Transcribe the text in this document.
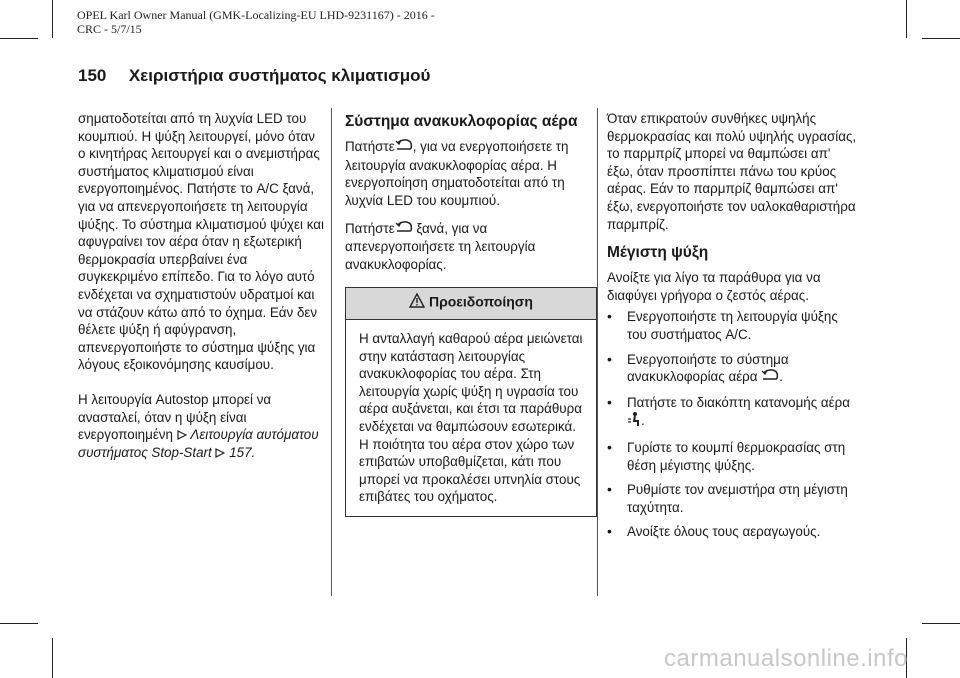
OPEL Karl Owner Manual (GMK-Localizing-EU LHD-9231167) - 2016 -
CRC - 5/7/15
150 Χειριστήρια συστήματος κλιματισμού

σηματοδοτείται από τη λυχνία LED του κουμπιού. Η ψύξη λειτουργεί, μόνο όταν ο κινητήρας λειτουργεί και ο ανεμιστήρας συστήματος κλιματισμού είναι ενεργοποιημένος. Πατήστε το A/C ξανά, για να απενεργοποιήσετε τη λειτουργία ψύξης. Το σύστημα κλιματισμού ψύχει και αφυγραίνει τον αέρα όταν η εξωτερική θερμοκρασία υπερβαίνει ένα συγκεκριμένο επίπεδο. Για το λόγο αυτό ενδέχεται να σχηματιστούν υδρατμοί και να στάζουν κάτω από το όχημα. Εάν δεν θέλετε ψύξη ή αφύγρανση, απενεργοποιήστε το σύστημα ψύξης για λόγους εξοικονόμησης καυσίμου.

Η λειτουργία Autostop μπορεί να ανασταλεί, όταν η ψύξη είναι ενεργοποιημένη Λειτουργία αυτόματου συστήματος Stop-Start 157.

Σύστημα ανακυκλοφορίας αέρα

Πατήστε , για να ενεργοποιήσετε τη λειτουργία ανακυκλοφορίας αέρα. Η ενεργοποίηση σηματοδοτείται από τη λυχνία LED του κουμπιού.

Πατήστε ξανά, για να απενεργοποιήσετε τη λειτουργία ανακυκλοφορίας.

Προειδοποίηση
Η ανταλλαγή καθαρού αέρα μειώνεται στην κατάσταση λειτουργίας ανακυκλοφορίας του αέρα. Στη λειτουργία χωρίς ψύξη η υγρασία του αέρα αυξάνεται, και έτσι τα παράθυρα ενδέχεται να θαμπώσουν εσωτερικά. Η ποιότητα του αέρα στον χώρο των επιβατών υποβαθμίζεται, κάτι που μπορεί να προκαλέσει υπνηλία στους επιβάτες του οχήματος.

Όταν επικρατούν συνθήκες υψηλής θερμοκρασίας και πολύ υψηλής υγρασίας, το παρμπρίζ μπορεί να θαμπώσει απ' έξω, όταν προσπίπτει πάνω του κρύος αέρας. Εάν το παρμπρίζ θαμπώσει απ' έξω, ενεργοποιήστε τον υαλοκαθαριστήρα παρμπρίζ.

Μέγιστη ψύξη

Ανοίξτε για λίγο τα παράθυρα για να διαφύγει γρήγορα ο ζεστός αέρας.

• Ενεργοποιήστε τη λειτουργία ψύξης του συστήματος A/C.
• Ενεργοποιήστε το σύστημα ανακυκλοφορίας αέρα .
• Πατήστε το διακόπτη κατανομής αέρα .
• Γυρίστε το κουμπί θερμοκρασίας στη θέση μέγιστης ψύξης.
• Ρυθμίστε τον ανεμιστήρα στη μέγιστη ταχύτητα.
• Ανοίξτε όλους τους αεραγωγούς.
carmanualsonline.info
